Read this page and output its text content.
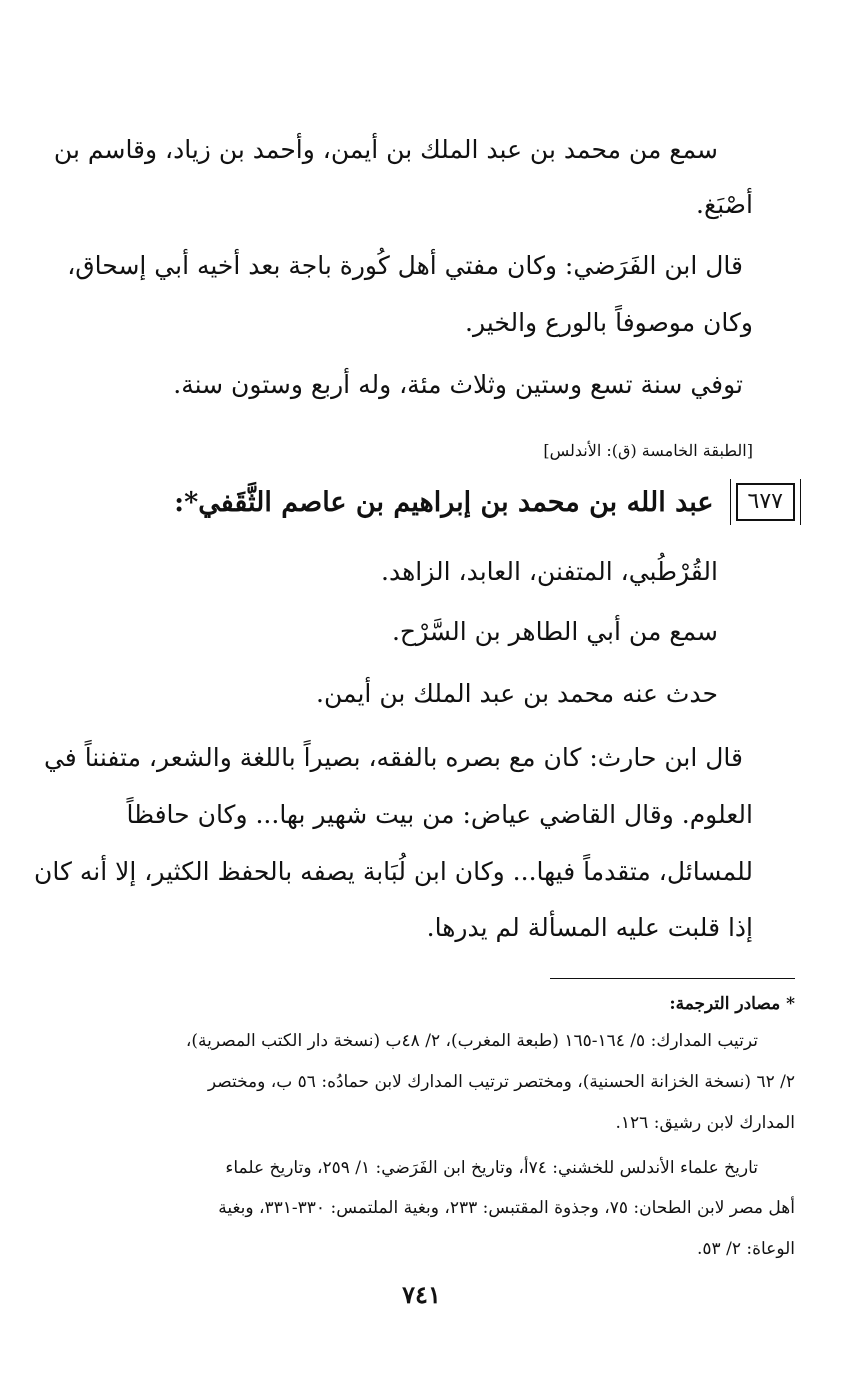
سمع من محمد بن عبد الملك بن أيمن، وأحمد بن زياد، وقاسم بن
أصْبَغ.
قال ابن الفَرَضي: وكان مفتي أهل كُورة باجة بعد أخيه أبي إسحاق،
وكان موصوفاً بالورع والخير.
توفي سنة تسع وستين وثلاث مئة، وله أربع وستون سنة.
[الطبقة الخامسة (ق): الأندلس]
٦٧٧
عبد الله بن محمد بن إبراهيم بن عاصم الثَّقَفي*:
القُرْطُبي، المتفنن، العابد، الزاهد.
سمع من أبي الطاهر بن السَّرْح.
حدث عنه محمد بن عبد الملك بن أيمن.
قال ابن حارث: كان مع بصره بالفقه، بصيراً باللغة والشعر، متفنناً في
العلوم. وقال القاضي عياض: من بيت شهير بها... وكان حافظاً
للمسائل، متقدماً فيها... وكان ابن لُبَابة يصفه بالحفظ الكثير، إلا أنه كان
إذا قلبت عليه المسألة لم يدرها.
* مصادر الترجمة:
ترتيب المدارك: ٥/ ١٦٤-١٦٥ (طبعة المغرب)، ٢/ ٤٨ب (نسخة دار الكتب المصرية)،
٢/ ٦٢ (نسخة الخزانة الحسنية)، ومختصر ترتيب المدارك لابن حمادُه: ٥٦ ب، ومختصر
المدارك لابن رشيق: ١٢٦.
تاريخ علماء الأندلس للخشني: ٧٤أ، وتاريخ ابن الفَرَضي: ١/ ٢٥٩، وتاريخ علماء
أهل مصر لابن الطحان: ٧٥، وجذوة المقتبس: ٢٣٣، وبغية الملتمس: ٣٣٠-٣٣١، وبغية
الوعاة: ٢/ ٥٣.
٧٤١
